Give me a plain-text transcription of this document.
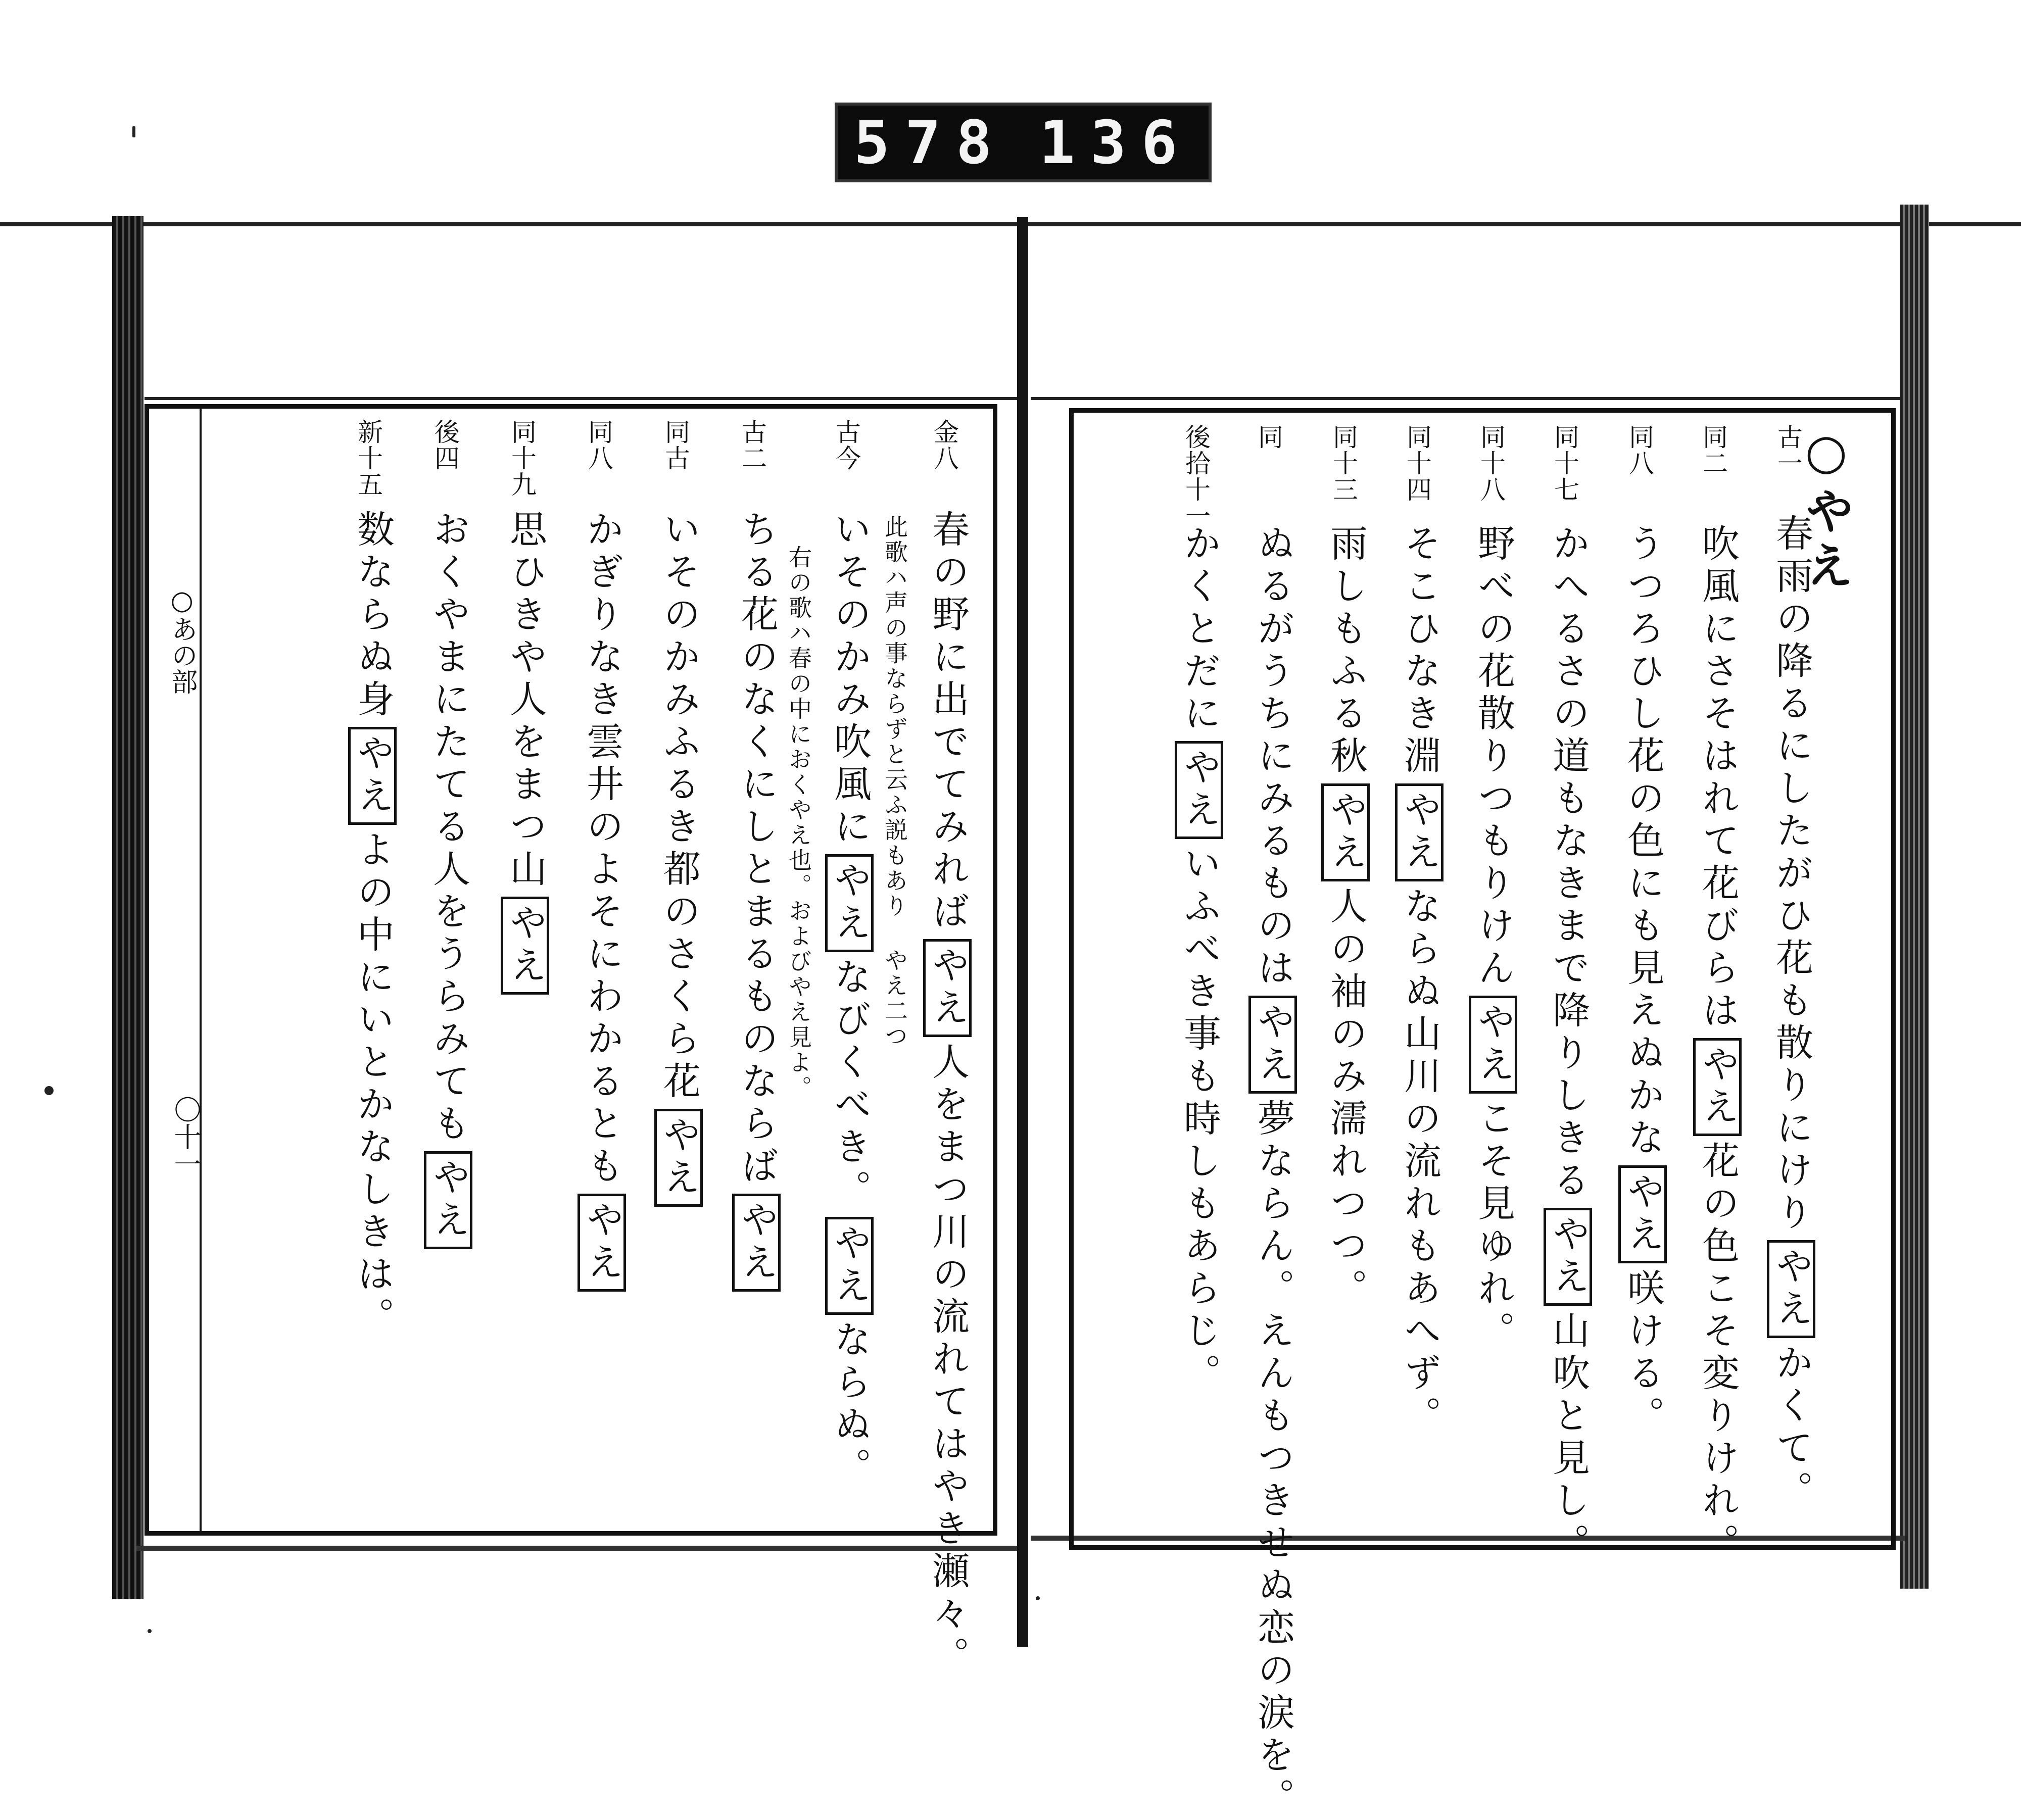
578 136
○やえ
古一
春雨の降るにしたがひ花も散りにけりやえかくて。
同二
吹風にさそはれて花びらはやえ花の色こそ変りけれ。
同八
うつろひし花の色にも見えぬかなやえ咲ける。
同十七
かへるさの道もなきまで降りしきるやえ山吹と見し。
同十八
野べの花散りつもりけんやえこそ見ゆれ。
同十四
そこひなき淵やえならぬ山川の流れもあへず。
同十三
雨しもふる秋やえ人の袖のみ濡れつつ。
同
ぬるがうちにみるものはやえ夢ならん。えんもつきせぬ恋の涙を。
後拾十一
かくとだにやえいふべき事も時しもあらじ。
○あの部
〇十一
金八
春の野に出でてみればやえ人をまつ川の流れてはやき瀬々。
此歌ハ声の事ならずと云ふ説もあり やえ二つ
古今
いそのかみ吹風にやえなびくべき。やえならぬ。
右の歌ハ春の中におくやえ也。およびやえ見よ。
古二
ちる花のなくにしとまるものならばやえ
同古
いそのかみふるき都のさくら花やえ
同八
かぎりなき雲井のよそにわかるともやえ
同十九
思ひきや人をまつ山やえ
後四
おくやまにたてる人をうらみてもやえ
新十五
数ならぬ身やえよの中にいとかなしきは。
